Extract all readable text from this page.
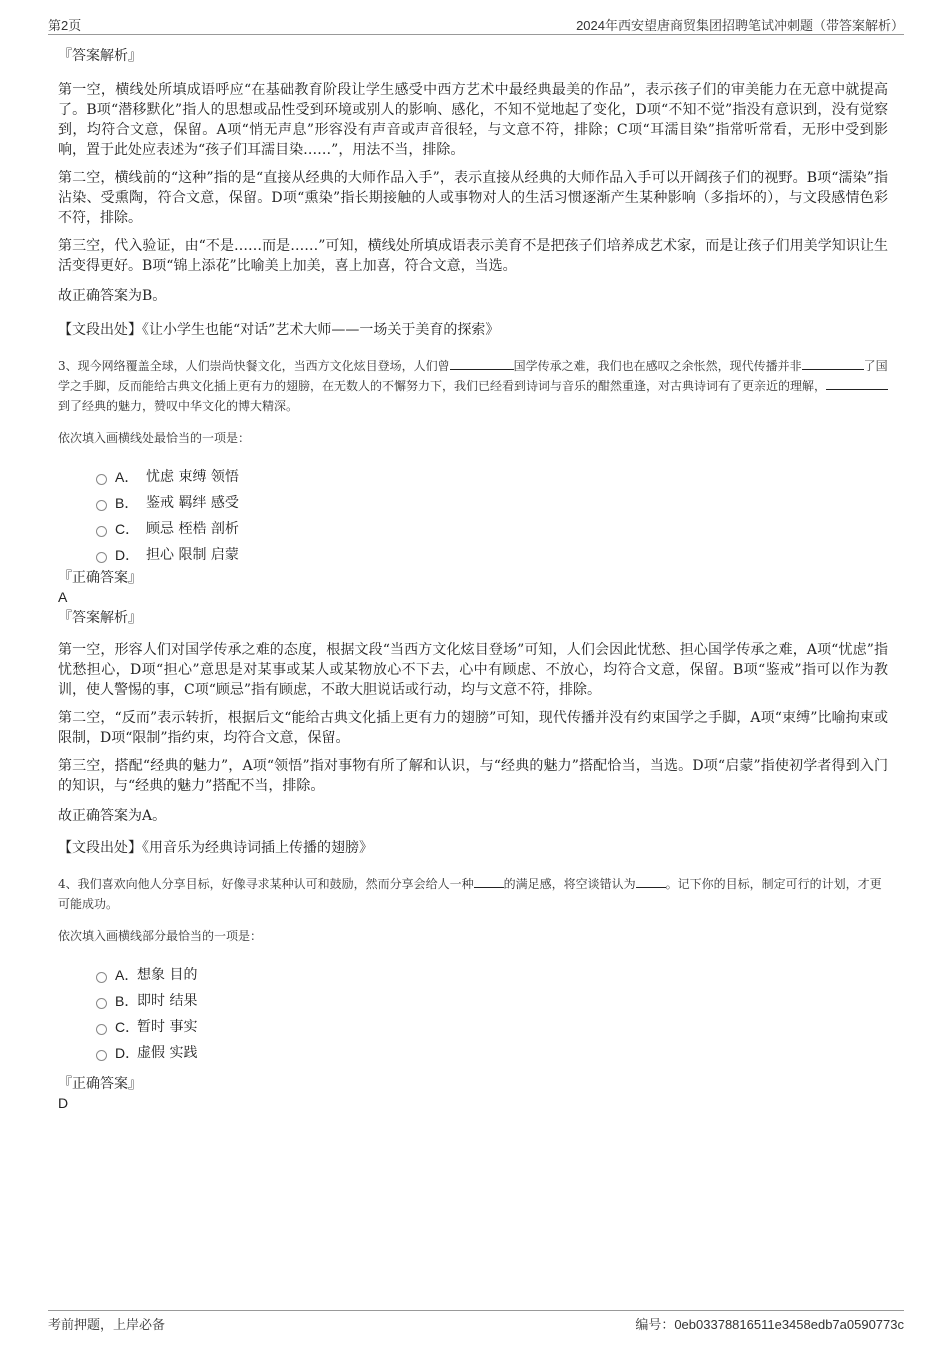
第2页	2024年西安望唐商贸集团招聘笔试冲刺题（带答案解析）

『答案解析』

第一空，横线处所填成语呼应“在基础教育阶段让学生感受中西方艺术中最经典最美的作品”，表示孩子们的审美能力在无意中就提高了。B项“潜移默化”指人的思想或品性受到环境或别人的影响、感化，不知不觉地起了变化，D项“不知不觉”指没有意识到，没有觉察到，均符合文意，保留。A项“悄无声息”形容没有声音或声音很轻，与文意不符，排除；C项“耳濡目染”指常听常看，无形中受到影响，置于此处应表述为“孩子们耳濡目染……”，用法不当，排除。

第二空，横线前的“这种”指的是“直接从经典的大师作品入手”，表示直接从经典的大师作品入手可以开阔孩子们的视野。B项“濡染”指沾染、受熏陶，符合文意，保留。D项“熏染”指长期接触的人或事物对人的生活习惯逐渐产生某种影响（多指坏的），与文段感情色彩不符，排除。

第三空，代入验证，由“不是……而是……”可知，横线处所填成语表示美育不是把孩子们培养成艺术家，而是让孩子们用美学知识让生活变得更好。B项“锦上添花”比喻美上加美，喜上加喜，符合文意，当选。

故正确答案为B。

【文段出处】《让小学生也能“对话”艺术大师——一场关于美育的探索》

3、现今网络覆盖全球，人们崇尚快餐文化，当西方文化炫目登场，人们曾	国学传承之难，我们也在感叹之余怅然，现代传播并非	了国学之手脚，反而能给古典文化插上更有力的翅膀，在无数人的不懈努力下，我们已经看到诗词与音乐的酣然重逢，对古典诗词有了更亲近的理解，到了经典的魅力，赞叹中华文化的博大精深。

依次填入画横线处最恰当的一项是：

A． 忧虑 束缚 领悟
B． 鉴戒 羁绊 感受
C． 顾忌 桎梏 剖析
D． 担心 限制 启蒙

『正确答案』

A

『答案解析』

第一空，形容人们对国学传承之难的态度，根据文段“当西方文化炫目登场”可知，人们会因此忧愁、担心国学传承之难，A项“忧虑”指忧愁担心，D项“担心”意思是对某事或某人或某物放心不下去，心中有顾虑、不放心，均符合文意，保留。B项“鉴戒”指可以作为教训，使人警惕的事，C项“顾忌”指有顾虑，不敢大胆说话或行动，均与文意不符，排除。

第二空，“反而”表示转折，根据后文“能给古典文化插上更有力的翅膀”可知，现代传播并没有约束国学之手脚，A项“束缚”比喻拘束或限制，D项“限制”指约束，均符合文意，保留。

第三空，搭配“经典的魅力”，A项“领悟”指对事物有所了解和认识，与“经典的魅力”搭配恰当，当选。D项“启蒙”指使初学者得到入门的知识，与“经典的魅力”搭配不当，排除。

故正确答案为A。

【文段出处】《用音乐为经典诗词插上传播的翅膀》

4、我们喜欢向他人分享目标，好像寻求某种认可和鼓励，然而分享会给人一种	的满足感，将空谈错认为	。记下你的目标，制定可行的计划，才更可能成功。

依次填入画横线部分最恰当的一项是：

A．
想象 目的
B．
即时 结果
C．
暂时 事实
D．
虚假 实践

『正确答案』

D

考前押题，上岸必备	编号：0eb03378816511e3458edb7a0590773c
